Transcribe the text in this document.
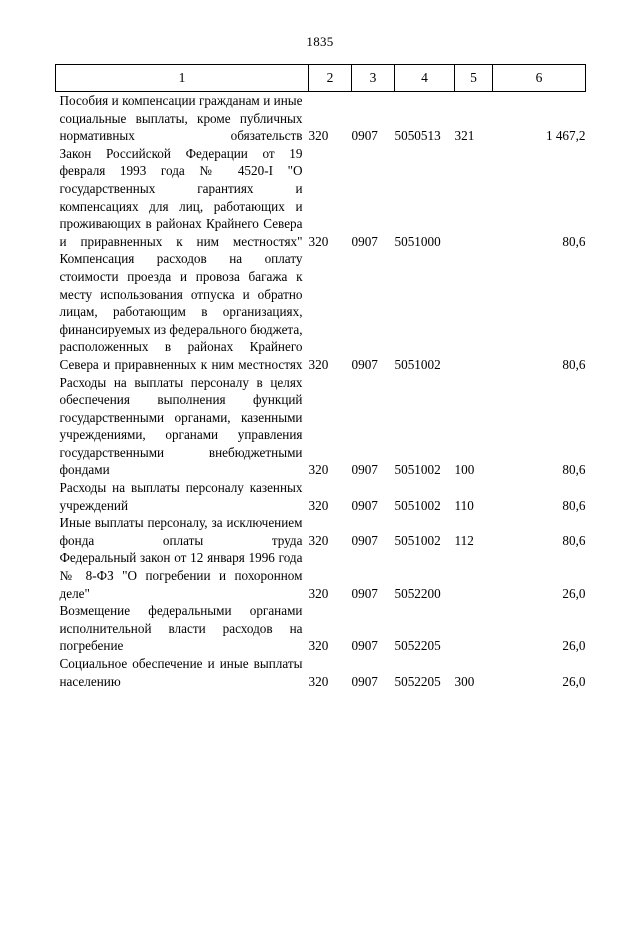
1835
1	2	3	4	5	6
Пособия и компенсации гражданам и иные социальные выплаты, кроме публичных нормативных обязательств	320	0907	5050513	321	1 467,2
Закон Российской Федерации от 19 февраля 1993 года № 4520-I "О государственных гарантиях и компенсациях для лиц, работающих и проживающих в районах Крайнего Севера и приравненных к ним местностях"	320	0907	5051000		80,6
Компенсация расходов на оплату стоимости проезда и провоза багажа к месту использования отпуска и обратно лицам, работающим в организациях, финансируемых из федерального бюджета, расположенных в районах Крайнего Севера и приравненных к ним местностях	320	0907	5051002		80,6
Расходы на выплаты персоналу в целях обеспечения выполнения функций государственными органами, казенными учреждениями, органами управления государственными внебюджетными фондами	320	0907	5051002	100	80,6
Расходы на выплаты персоналу казенных учреждений	320	0907	5051002	110	80,6
Иные выплаты персоналу, за исключением фонда оплаты труда	320	0907	5051002	112	80,6
Федеральный закон от 12 января 1996 года № 8-ФЗ "О погребении и похоронном деле"	320	0907	5052200		26,0
Возмещение федеральными органами исполнительной власти расходов на погребение	320	0907	5052205		26,0
Социальное обеспечение и иные выплаты населению	320	0907	5052205	300	26,0
